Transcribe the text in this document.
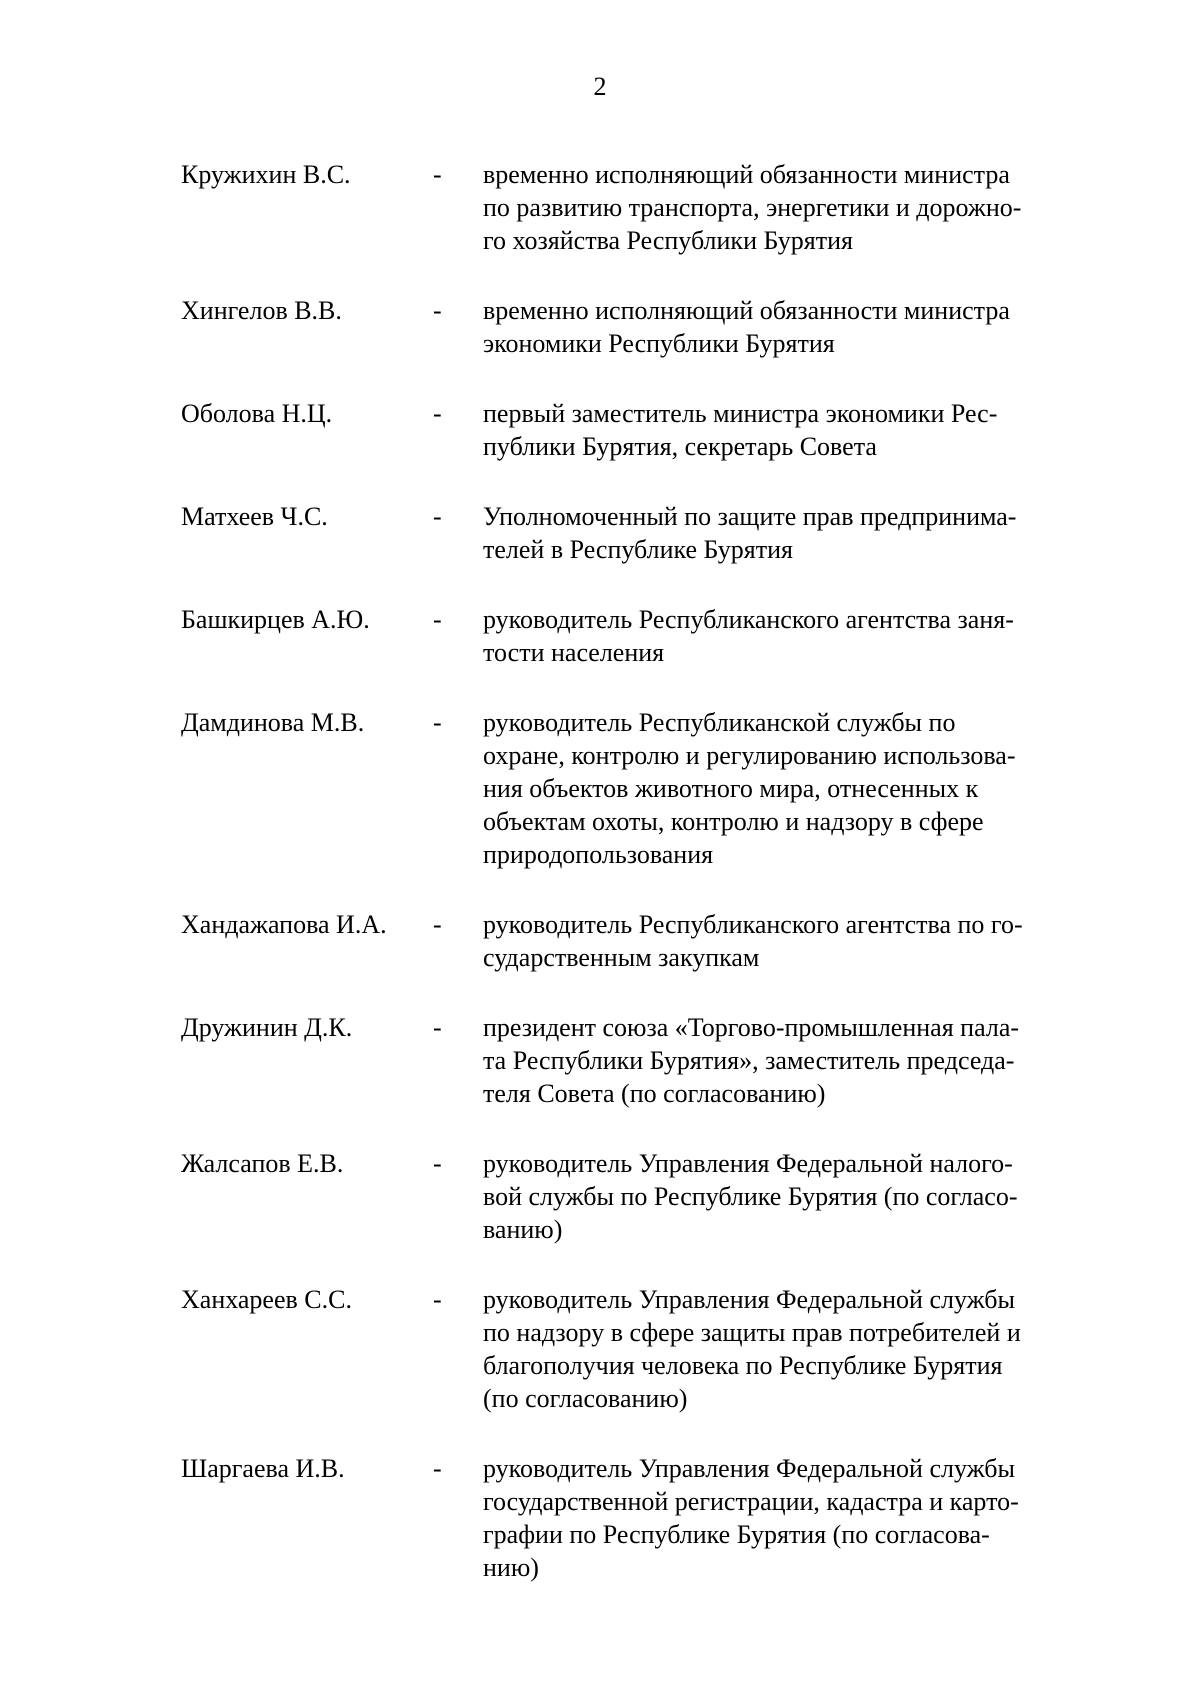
2
Кружихин В.С.	-	временно исполняющий обязанности министра
по развитию транспорта, энергетики и дорожно-
го хозяйства Республики Бурятия
Хингелов В.В.	-	временно исполняющий обязанности министра
экономики Республики Бурятия
Оболова Н.Ц.	-	первый заместитель министра экономики Рес-
публики Бурятия, секретарь Совета
Матхеев Ч.С.	-	Уполномоченный по защите прав предпринима-
телей в Республике Бурятия
Башкирцев А.Ю.	-	руководитель Республиканского агентства заня-
тости населения
Дамдинова М.В.	-	руководитель Республиканской службы по
охране, контролю и регулированию использова-
ния объектов животного мира, отнесенных к
объектам охоты, контролю и надзору в сфере
природопользования
Хандажапова И.А.	-	руководитель Республиканского агентства по го-
сударственным закупкам
Дружинин Д.К.	-	президент союза «Торгово-промышленная пала-
та Республики Бурятия», заместитель председа-
теля Совета (по согласованию)
Жалсапов Е.В.	-	руководитель Управления Федеральной налого-
вой службы по Республике Бурятия (по согласо-
ванию)
Ханхареев С.С.	-	руководитель Управления Федеральной службы
по надзору в сфере защиты прав потребителей и
благополучия человека по Республике Бурятия
(по согласованию)
Шаргаева И.В.	-	руководитель Управления Федеральной службы
государственной регистрации, кадастра и карто-
графии по Республике Бурятия (по согласова-
нию)
